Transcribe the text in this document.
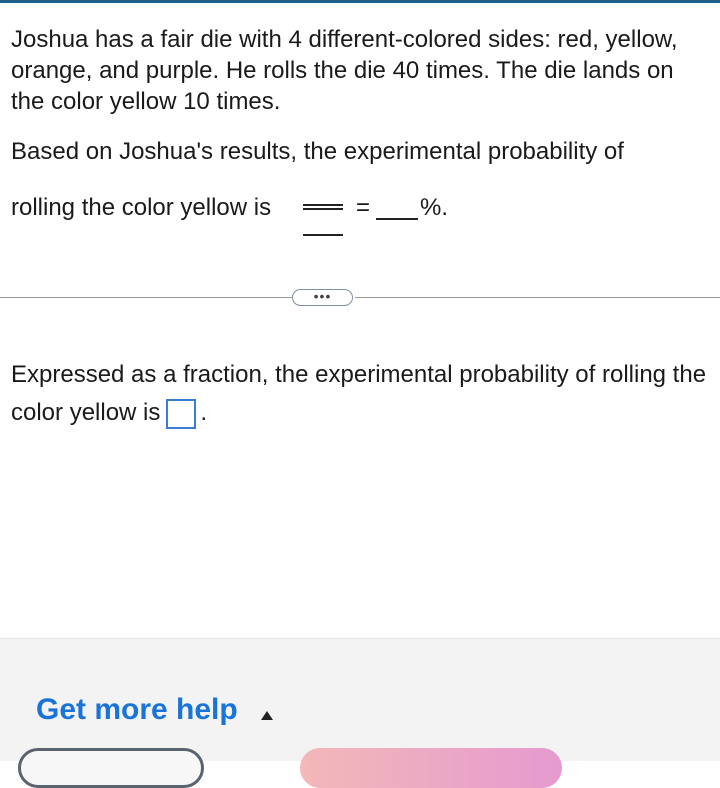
Joshua has a fair die with 4 different-colored sides: red, yellow, orange, and purple. He rolls the die 40 times. The die lands on the color yellow 10 times.

Based on Joshua's results, the experimental probability of
rolling the color yellow is	= %.
•••
Expressed as a fraction, the experimental probability of rolling the color yellow is .
Get more help
